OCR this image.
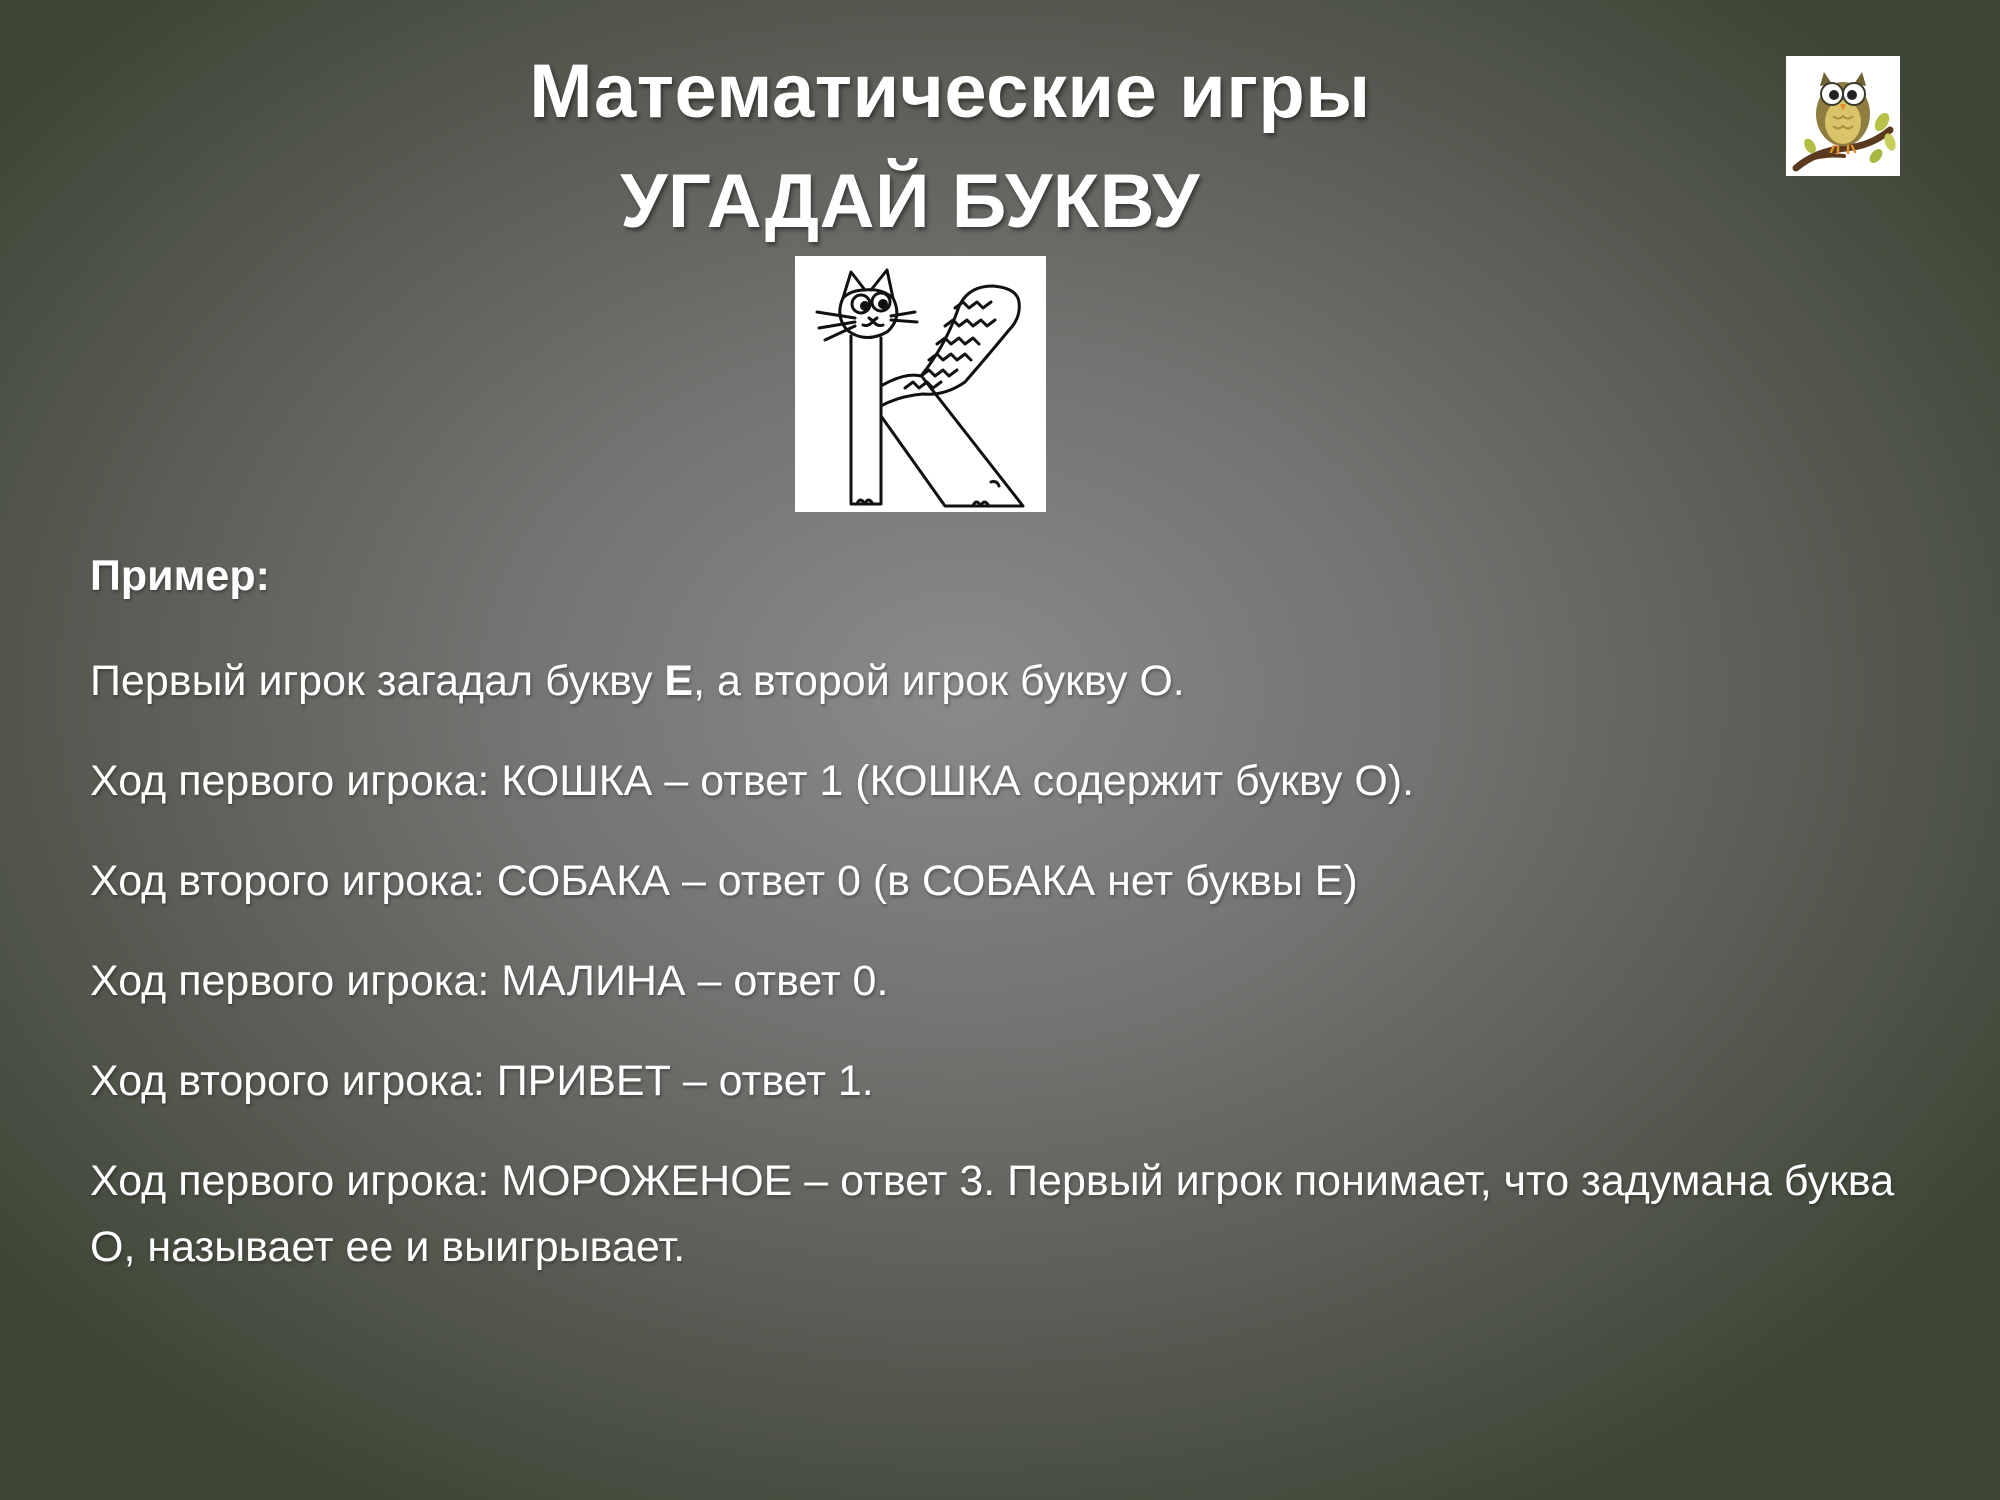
Математические игры
УГАДАЙ БУКВУ
Пример:
Первый игрок загадал букву Е, а второй игрок букву О.
Ход первого игрока: КОШКА – ответ 1 (КОШКА содержит букву О).
Ход второго игрока: СОБАКА – ответ 0 (в СОБАКА нет буквы Е)
Ход первого игрока: МАЛИНА – ответ 0.
Ход второго игрока: ПРИВЕТ – ответ 1.
Ход первого игрока: МОРОЖЕНОЕ – ответ 3. Первый игрок понимает, что задумана буква О, называет ее и выигрывает.
